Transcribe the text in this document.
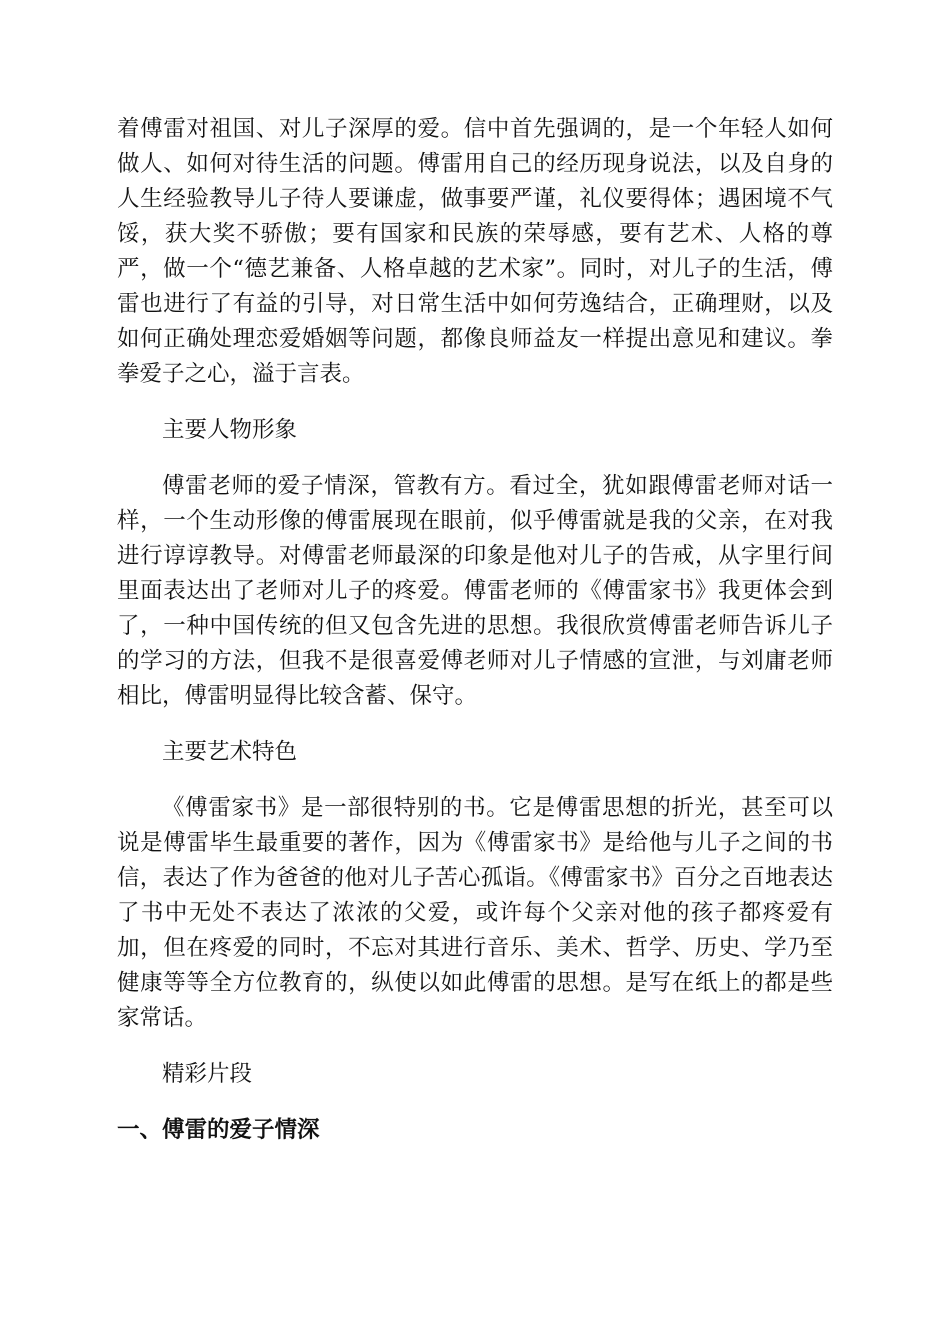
着傅雷对祖国、对儿子深厚的爱。信中首先强调的，是一个年轻人如何做人、如何对待生活的问题。傅雷用自己的经历现身说法，以及自身的人生经验教导儿子待人要谦虚，做事要严谨，礼仪要得体；遇困境不气馁，获大奖不骄傲；要有国家和民族的荣辱感，要有艺术、人格的尊严，做一个“德艺兼备、人格卓越的艺术家”。同时，对儿子的生活，傅雷也进行了有益的引导，对日常生活中如何劳逸结合，正确理财，以及如何正确处理恋爱婚姻等问题，都像良师益友一样提出意见和建议。拳拳爱子之心，溢于言表。

主要人物形象

傅雷老师的爱子情深，管教有方。看过全，犹如跟傅雷老师对话一样，一个生动形像的傅雷展现在眼前，似乎傅雷就是我的父亲，在对我进行谆谆教导。对傅雷老师最深的印象是他对儿子的告戒，从字里行间里面表达出了老师对儿子的疼爱。傅雷老师的《傅雷家书》我更体会到了，一种中国传统的但又包含先进的思想。我很欣赏傅雷老师告诉儿子的学习的方法，但我不是很喜爱傅老师对儿子情感的宣泄，与刘庸老师相比，傅雷明显得比较含蓄、保守。

主要艺术特色

《傅雷家书》是一部很特别的书。它是傅雷思想的折光，甚至可以说是傅雷毕生最重要的著作，因为《傅雷家书》是给他与儿子之间的书信，表达了作为爸爸的他对儿子苦心孤诣。《傅雷家书》百分之百地表达了书中无处不表达了浓浓的父爱，或许每个父亲对他的孩子都疼爱有加，但在疼爱的同时，不忘对其进行音乐、美术、哲学、历史、学乃至健康等等全方位教育的，纵使以如此傅雷的思想。是写在纸上的都是些家常话。

精彩片段

一、傅雷的爱子情深
